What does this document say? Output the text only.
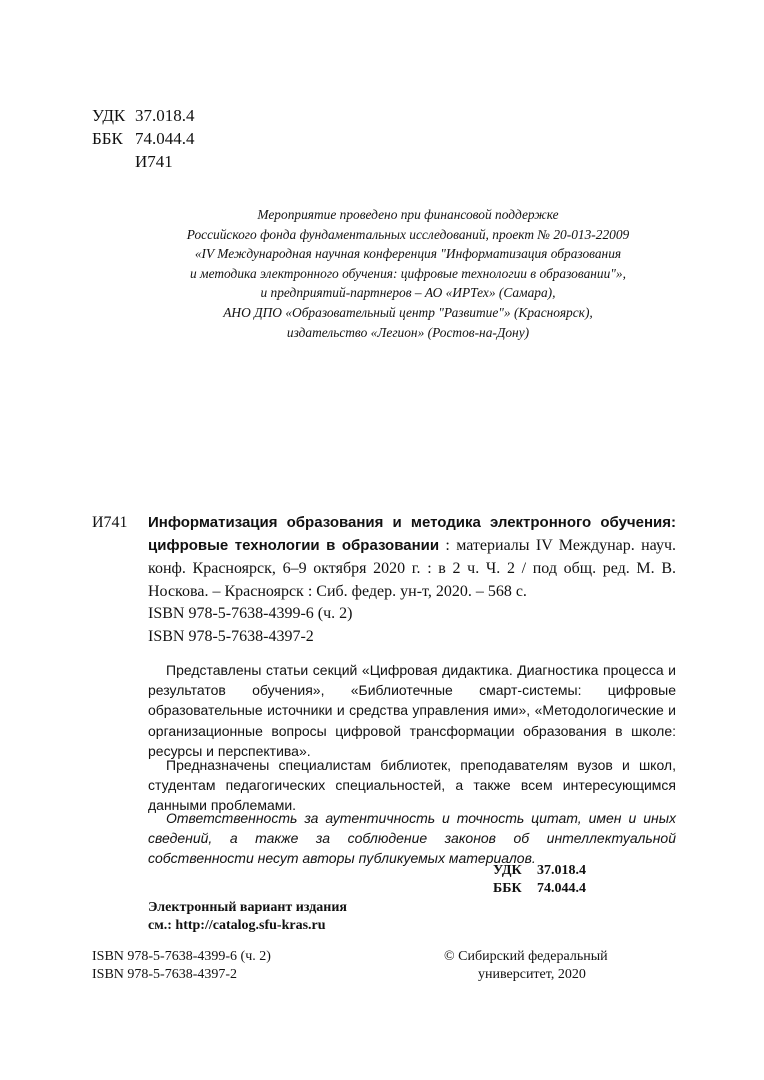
УДК 37.018.4
ББК 74.044.4
И741
Мероприятие проведено при финансовой поддержке
Российского фонда фундаментальных исследований, проект № 20-013-22009
«IV Международная научная конференция "Информатизация образования
и методика электронного обучения: цифровые технологии в образовании"»,
и предприятий-партнеров – АО «ИРТех» (Самара),
АНО ДПО «Образовательный центр "Развитие"» (Красноярск),
издательство «Легион» (Ростов-на-Дону)
И741 Информатизация образования и методика электронного обучения: цифровые технологии в образовании : материалы IV Междунар. науч. конф. Красноярск, 6–9 октября 2020 г. : в 2 ч. Ч. 2 / под общ. ред. М. В. Носкова. – Красноярск : Сиб. федер. ун-т, 2020. – 568 с.
ISBN 978-5-7638-4399-6 (ч. 2)
ISBN 978-5-7638-4397-2

Представлены статьи секций «Цифровая дидактика. Диагностика процесса и результатов обучения», «Библиотечные смарт-системы: цифровые образовательные источники и средства управления ими», «Методологические и организационные вопросы цифровой трансформации образования в школе: ресурсы и перспектива».

Предназначены специалистам библиотек, преподавателям вузов и школ, студентам педагогических специальностей, а также всем интересующимся данными проблемами.

Ответственность за аутентичность и точность цитат, имен и иных сведений, а также за соблюдение законов об интеллектуальной собственности несут авторы публикуемых материалов.

УДК 37.018.4
ББК 74.044.4
Электронный вариант издания
см.: http://catalog.sfu-kras.ru
ISBN 978-5-7638-4399-6 (ч. 2)
ISBN 978-5-7638-4397-2
© Сибирский федеральный
университет, 2020
